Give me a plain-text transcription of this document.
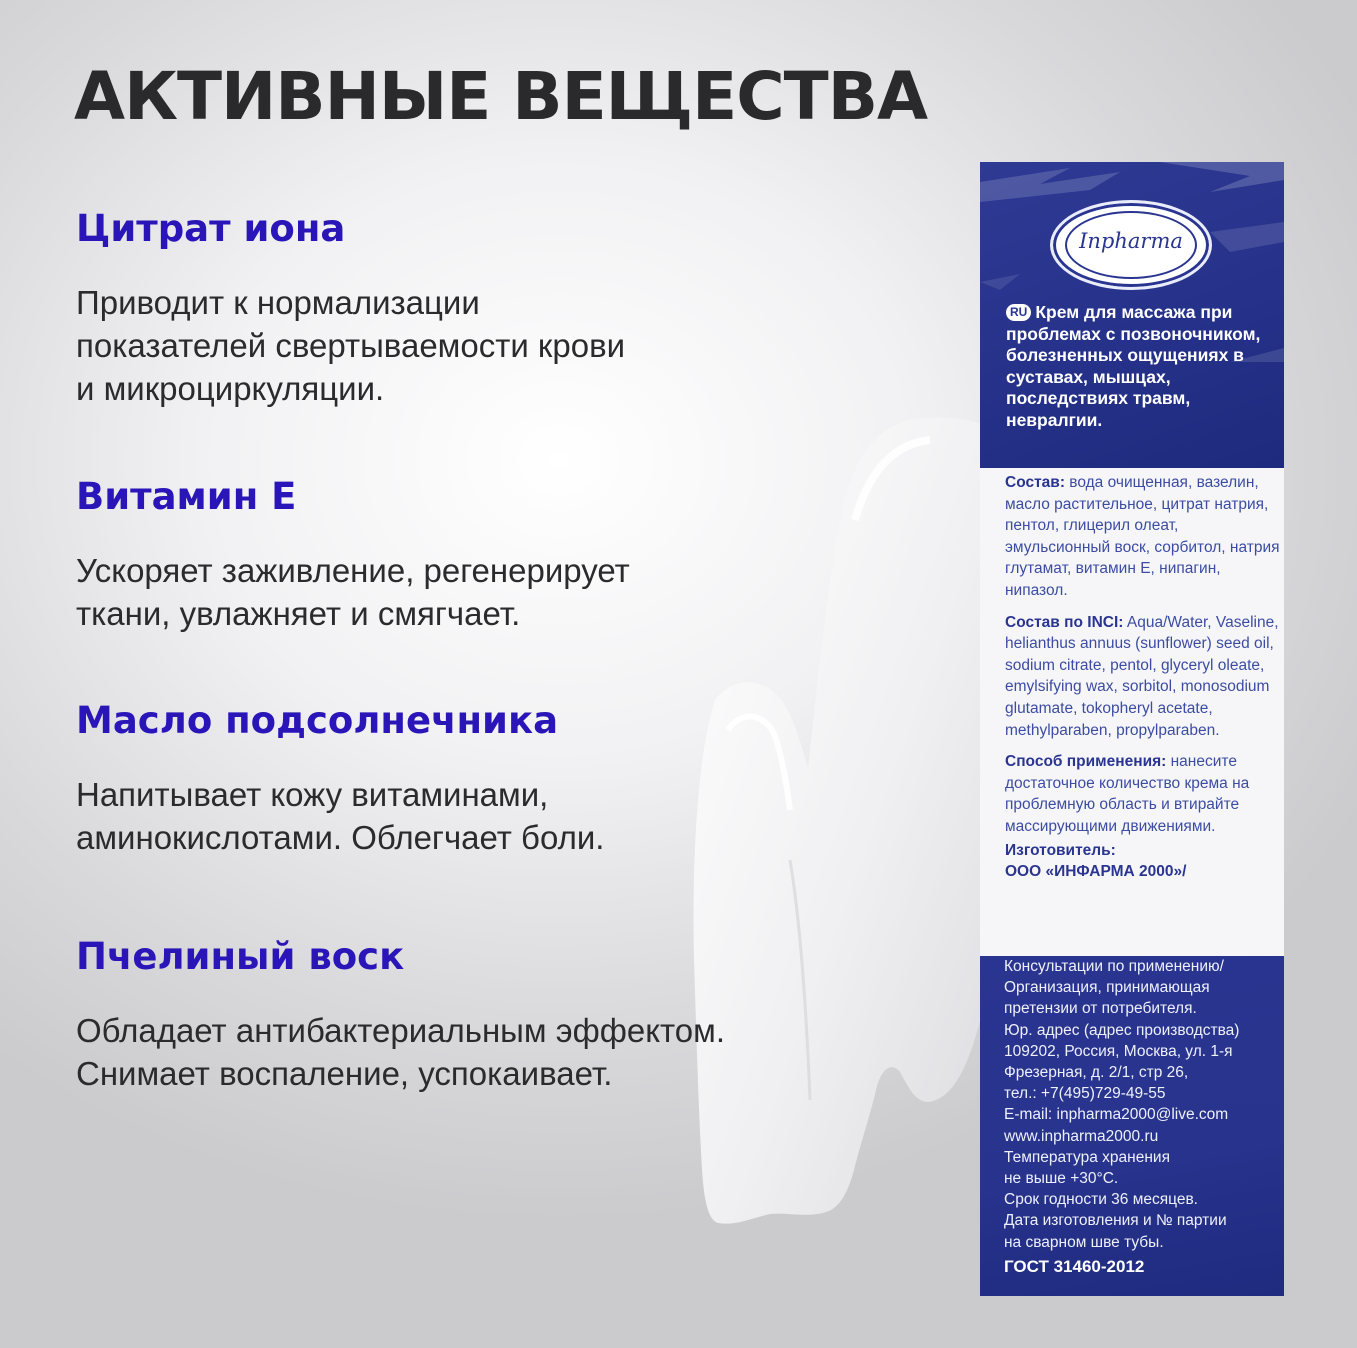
АКТИВНЫЕ ВЕЩЕСТВА
Цитрат иона

Приводит к нормализации
показателей свертываемости крови
и микроциркуляции.

Витамин Е

Ускоряет заживление, регенерирует
ткани, увлажняет и смягчает.

Масло подсолнечника

Напитывает кожу витаминами,
аминокислотами. Облегчает боли.

Пчелиный воск

Обладает антибактериальным эффектом.
Снимает воспаление, успокаивает.

Inpharma
RU Крем для массажа при проблемах с позвоночником, болезненных ощущениях в суставах, мышцах, последствиях травм, невралгии.

Состав: вода очищенная, вазелин, масло растительное, цитрат натрия, пентол, глицерил олеат, эмульсионный воск, сорбитол, натрия глутамат, витамин Е, нипагин, нипазол.

Состав по INCI: Aqua/Water, Vaseline, helianthus annuus (sunflower) seed oil, sodium citrate, pentol, glyceryl oleate, emylsifying wax, sorbitol, monosodium glutamate, tokopheryl acetate, methylparaben, propylparaben.

Способ применения: нанесите достаточное количество крема на проблемную область и втирайте массирующими движениями.

Изготовитель:
ООО «ИНФАРМА 2000»/
Консультации по применению/
Организация, принимающая
претензии от потребителя.
Юр. адрес (адрес производства)
109202, Россия, Москва, ул. 1-я
Фрезерная, д. 2/1, стр 26,
тел.: +7(495)729-49-55
E-mail: inpharma2000@live.com
www.inpharma2000.ru
Температура хранения
не выше +30°С.
Срок годности 36 месяцев.
Дата изготовления и № партии
на сварном шве тубы.
ГОСТ 31460-2012
